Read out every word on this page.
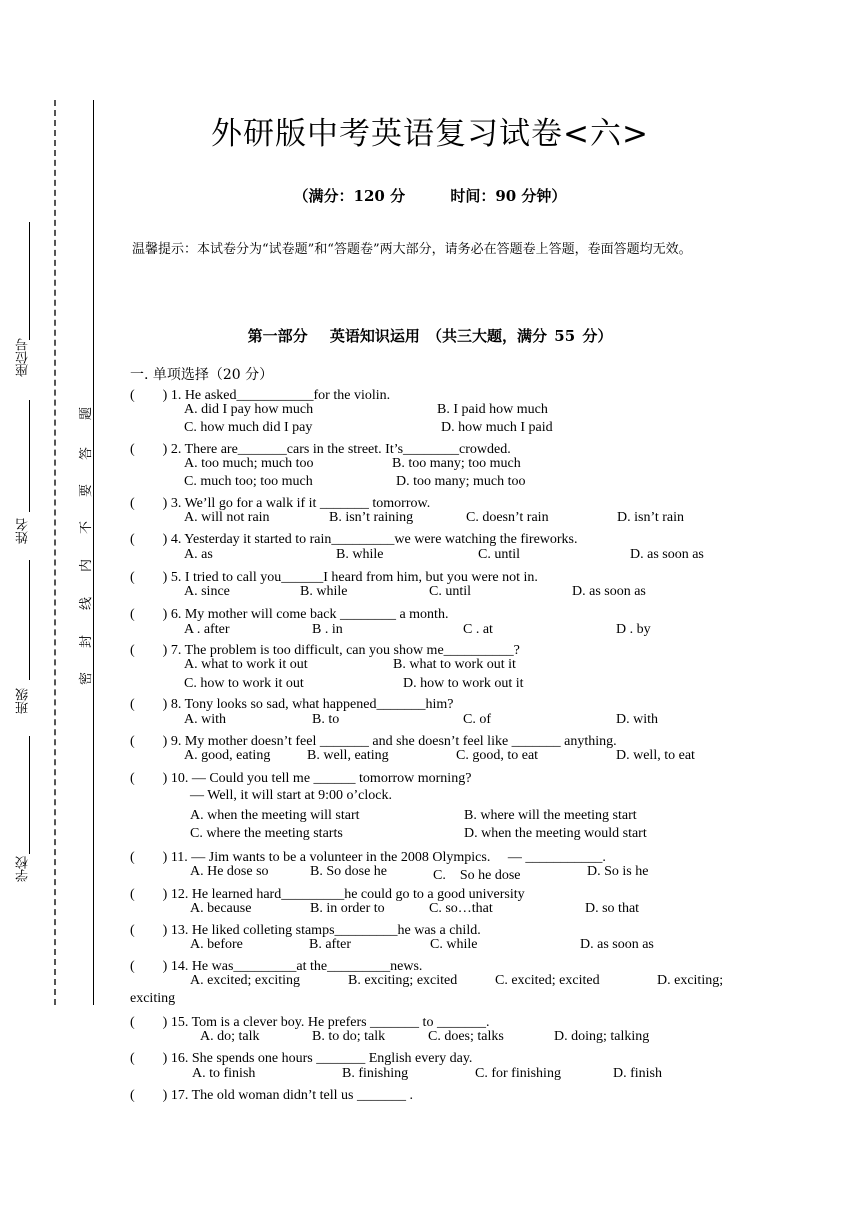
座位号
姓名
班级
学校
题
答
要
不
内
线
封
密
外研版中考英语复习试卷<六>
（满分：120 分	时间：90 分钟）
温馨提示：本试卷分为“试卷题”和“答题卷”两大部分，请务必在答题卷上答题，卷面答题均无效。
第一部分　 英语知识运用 （共三大题，满分 55 分）
一. 单项选择（20 分）
(　　) 1. He asked___________for the violin.
A. did I pay how much	B. I paid how much
C. how much did I pay	D. how much I paid
(　　) 2. There are_______cars in the street. It’s________crowded.
A. too much; much too	B. too many; too much
C. much too; too much	D. too many; much too
(　　) 3. We’ll go for a walk if it _______ tomorrow.
A. will not rain	B. isn’t raining	C. doesn’t rain	D. isn’t rain
(　　) 4. Yesterday it started to rain_________we were watching the fireworks.
A. as	B. while	C. until	D. as soon as
(　　) 5. I tried to call you______I heard from him, but you were not in.
A. since	B. while	C. until	D. as soon as
(　　) 6. My mother will come back ________ a month.
A . after	B . in	C . at	D . by
(　　) 7. The problem is too difficult, can you show me__________?
A. what to work it out	B. what to work out it
C. how to work it out	D. how to work out it
(　　) 8. Tony looks so sad, what happened_______him?
A. with	B. to	C. of	D. with
(　　) 9. My mother doesn’t feel _______ and she doesn’t feel like _______ anything.
A. good, eating	B. well, eating	C. good, to eat	D. well, to eat
(　　) 10. — Could you tell me ______ tomorrow morning?
— Well, it will start at 9:00 o’clock.
A. when the meeting will start	B. where will the meeting start
C. where the meeting starts	D. when the meeting would start
(　　) 11. — Jim wants to be a volunteer in the 2008 Olympics.　 — ___________.
A. He dose so	B. So dose he	C.　So he dose	D. So is he
(　　) 12. He learned hard_________he could go to a good university
A. because	B. in order to	C. so…that	D. so that
(　　) 13. He liked colleting stamps_________he was a child.
A. before	B. after	C. while	D. as soon as
(　　) 14. He was_________at the_________news.
A. excited; exciting	B. exciting; excited	C. excited; excited	D. exciting;
exciting
(　　) 15. Tom is a clever boy. He prefers _______ to _______.
A. do; talk	B. to do; talk	C. does; talks	D. doing; talking
(　　) 16. She spends one hours _______ English every day.
A. to finish	B. finishing	C. for finishing	D. finish
(　　) 17. The old woman didn’t tell us _______ .
